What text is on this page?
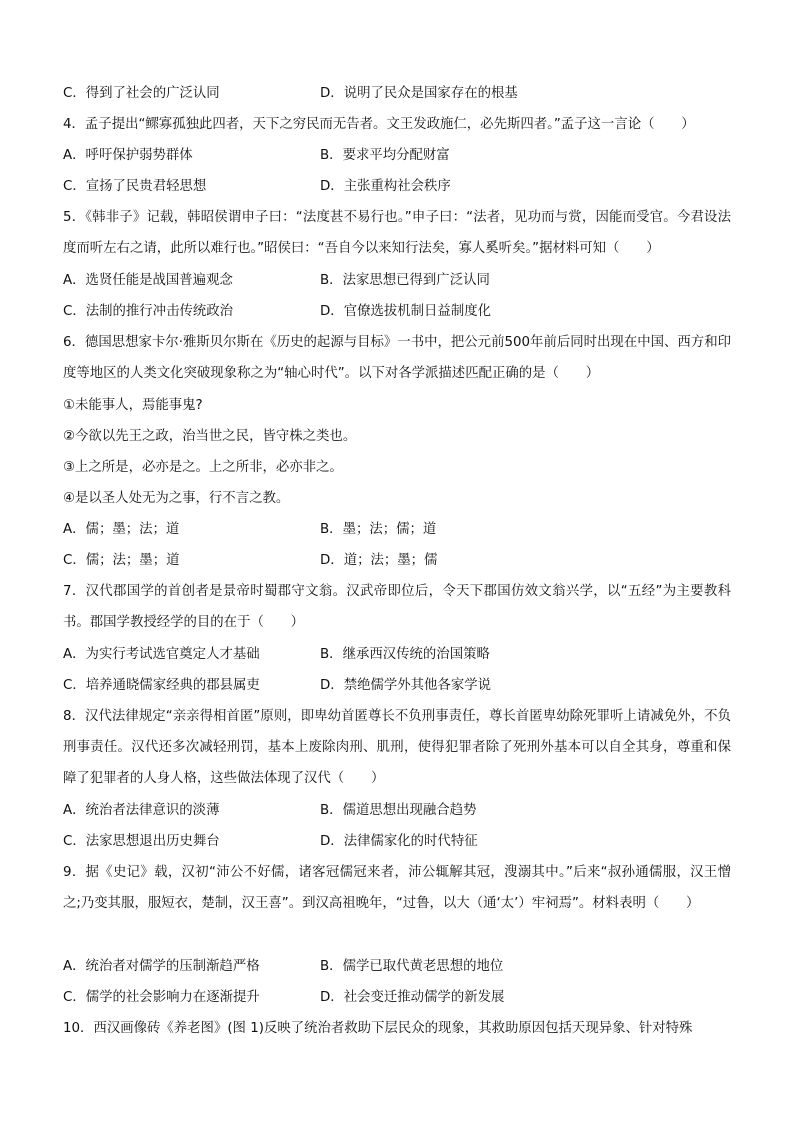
C．得到了社会的广泛认同	D．说明了民众是国家存在的根基
4．孟子提出“鳏寡孤独此四者，天下之穷民而无告者。文王发政施仁，必先斯四者。”孟子这一言论（　　）
A．呼吁保护弱势群体	B．要求平均分配财富
C．宣扬了民贵君轻思想	D．主张重构社会秩序
5．《韩非子》记载，韩昭侯谓申子曰：“法度甚不易行也。”申子曰：“法者，见功而与赏，因能而受官。今君设法度而听左右之请，此所以难行也。”昭侯曰：“吾自今以来知行法矣，寡人奚听矣。”据材料可知（　　）
A．选贤任能是战国普遍观念	B．法家思想已得到广泛认同
C．法制的推行冲击传统政治	D．官僚选拔机制日益制度化
6．德国思想家卡尔·雅斯贝尔斯在《历史的起源与目标》一书中，把公元前500年前后同时出现在中国、西方和印度等地区的人类文化突破现象称之为“轴心时代”。以下对各学派描述匹配正确的是（　　）
①未能事人，焉能事鬼?
②今欲以先王之政，治当世之民，皆守株之类也。
③上之所是，必亦是之。上之所非，必亦非之。
④是以圣人处无为之事，行不言之教。
A．儒；墨；法；道	B．墨；法；儒；道
C．儒；法；墨；道	D．道；法；墨；儒
7．汉代郡国学的首创者是景帝时蜀郡守文翁。汉武帝即位后，令天下郡国仿效文翁兴学，以“五经”为主要教科书。郡国学教授经学的目的在于（　　）
A．为实行考试选官奠定人才基础	B．继承西汉传统的治国策略
C．培养通晓儒家经典的郡县属吏	D．禁绝儒学外其他各家学说
8．汉代法律规定“亲亲得相首匿”原则，即卑幼首匿尊长不负刑事责任，尊长首匿卑幼除死罪听上请减免外，不负刑事责任。汉代还多次减轻刑罚，基本上废除肉刑、肌刑，使得犯罪者除了死刑外基本可以自全其身，尊重和保障了犯罪者的人身人格，这些做法体现了汉代（　　）
A．统治者法律意识的淡薄	B．儒道思想出现融合趋势
C．法家思想退出历史舞台	D．法律儒家化的时代特征
9．据《史记》载，汉初“沛公不好儒，诸客冠儒冠来者，沛公辄解其冠，溲溺其中。”后来“叔孙通儒服，汉王憎之;乃变其服，服短衣，楚制，汉王喜”。到汉高祖晚年，“过鲁，以大（通‘太’）牢祠焉”。材料表明（　　）
A．统治者对儒学的压制渐趋严格	B．儒学已取代黄老思想的地位
C．儒学的社会影响力在逐渐提升	D．社会变迁推动儒学的新发展
10．西汉画像砖《养老图》(图 1)反映了统治者救助下层民众的现象，其救助原因包括天现异象、针对特殊
